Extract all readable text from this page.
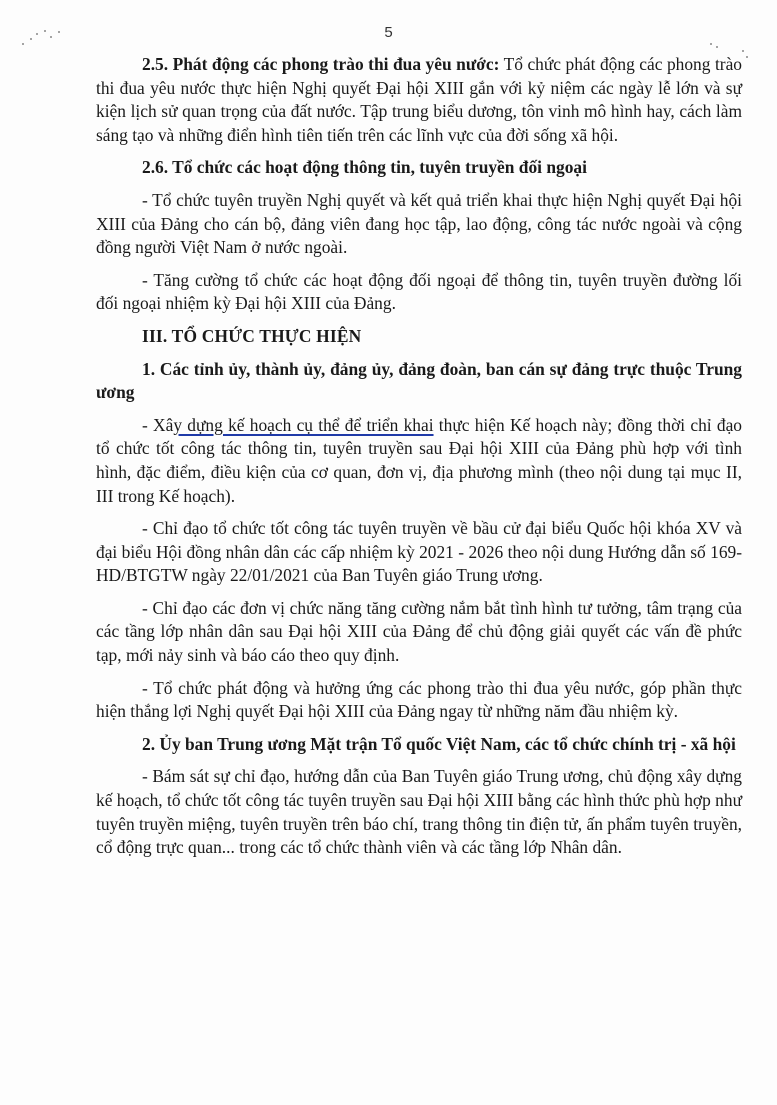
5

2.5. Phát động các phong trào thi đua yêu nước: Tổ chức phát động các phong trào thi đua yêu nước thực hiện Nghị quyết Đại hội XIII gắn với kỷ niệm các ngày lễ lớn và sự kiện lịch sử quan trọng của đất nước. Tập trung biểu dương, tôn vinh mô hình hay, cách làm sáng tạo và những điển hình tiên tiến trên các lĩnh vực của đời sống xã hội.

2.6. Tổ chức các hoạt động thông tin, tuyên truyền đối ngoại

- Tổ chức tuyên truyền Nghị quyết và kết quả triển khai thực hiện Nghị quyết Đại hội XIII của Đảng cho cán bộ, đảng viên đang học tập, lao động, công tác nước ngoài và cộng đồng người Việt Nam ở nước ngoài.

- Tăng cường tổ chức các hoạt động đối ngoại để thông tin, tuyên truyền đường lối đối ngoại nhiệm kỳ Đại hội XIII của Đảng.

III. TỔ CHỨC THỰC HIỆN

1. Các tỉnh ủy, thành ủy, đảng ủy, đảng đoàn, ban cán sự đảng trực thuộc Trung ương

- Xây dựng kế hoạch cụ thể để triển khai thực hiện Kế hoạch này; đồng thời chỉ đạo tổ chức tốt công tác thông tin, tuyên truyền sau Đại hội XIII của Đảng phù hợp với tình hình, đặc điểm, điều kiện của cơ quan, đơn vị, địa phương mình (theo nội dung tại mục II, III trong Kế hoạch).

- Chỉ đạo tổ chức tốt công tác tuyên truyền về bầu cử đại biểu Quốc hội khóa XV và đại biểu Hội đồng nhân dân các cấp nhiệm kỳ 2021 - 2026 theo nội dung Hướng dẫn số 169-HD/BTGTW ngày 22/01/2021 của Ban Tuyên giáo Trung ương.

- Chỉ đạo các đơn vị chức năng tăng cường nắm bắt tình hình tư tưởng, tâm trạng của các tầng lớp nhân dân sau Đại hội XIII của Đảng để chủ động giải quyết các vấn đề phức tạp, mới nảy sinh và báo cáo theo quy định.

- Tổ chức phát động và hưởng ứng các phong trào thi đua yêu nước, góp phần thực hiện thắng lợi Nghị quyết Đại hội XIII của Đảng ngay từ những năm đầu nhiệm kỳ.

2. Ủy ban Trung ương Mặt trận Tổ quốc Việt Nam, các tổ chức chính trị - xã hội

- Bám sát sự chỉ đạo, hướng dẫn của Ban Tuyên giáo Trung ương, chủ động xây dựng kế hoạch, tổ chức tốt công tác tuyên truyền sau Đại hội XIII bằng các hình thức phù hợp như tuyên truyền miệng, tuyên truyền trên báo chí, trang thông tin điện tử, ấn phẩm tuyên truyền, cổ động trực quan... trong các tổ chức thành viên và các tầng lớp Nhân dân.
